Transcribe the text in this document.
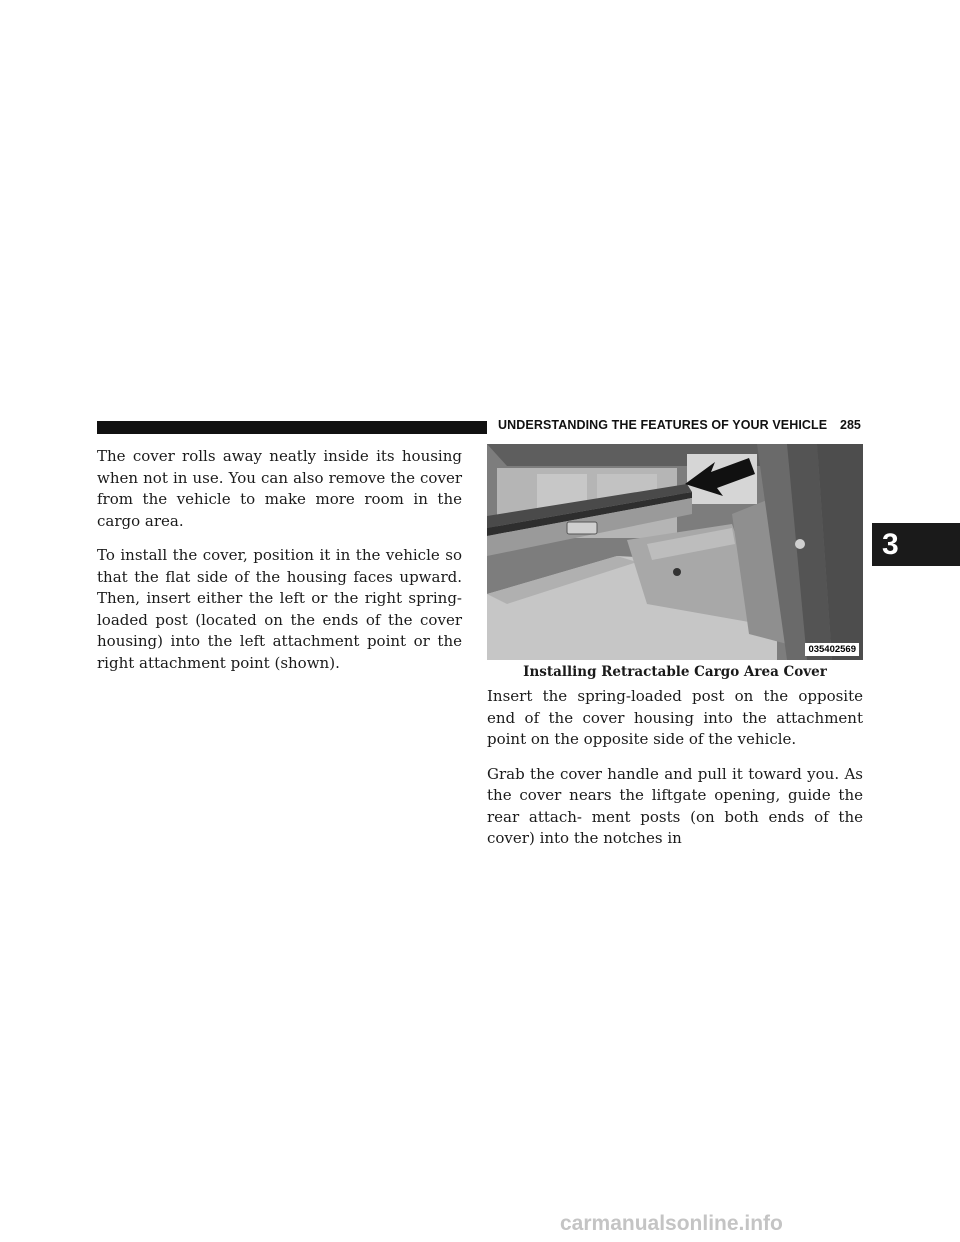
UNDERSTANDING THE FEATURES OF YOUR VEHICLE 285

The cover rolls away neatly inside its housing when not in use. You can also remove the cover from the vehicle to make more room in the cargo area.

To install the cover, position it in the vehicle so that the flat side of the housing faces upward. Then, insert either the left or the right spring-loaded post (located on the ends of the cover housing) into the left attachment point or the right attachment point (shown).

035402569
Installing Retractable Cargo Area Cover

Insert the spring-loaded post on the opposite end of the cover housing into the attachment point on the opposite side of the vehicle.

Grab the cover handle and pull it toward you. As the cover nears the liftgate opening, guide the rear attach- ment posts (on both ends of the cover) into the notches in

3
carmanualsonline.info
